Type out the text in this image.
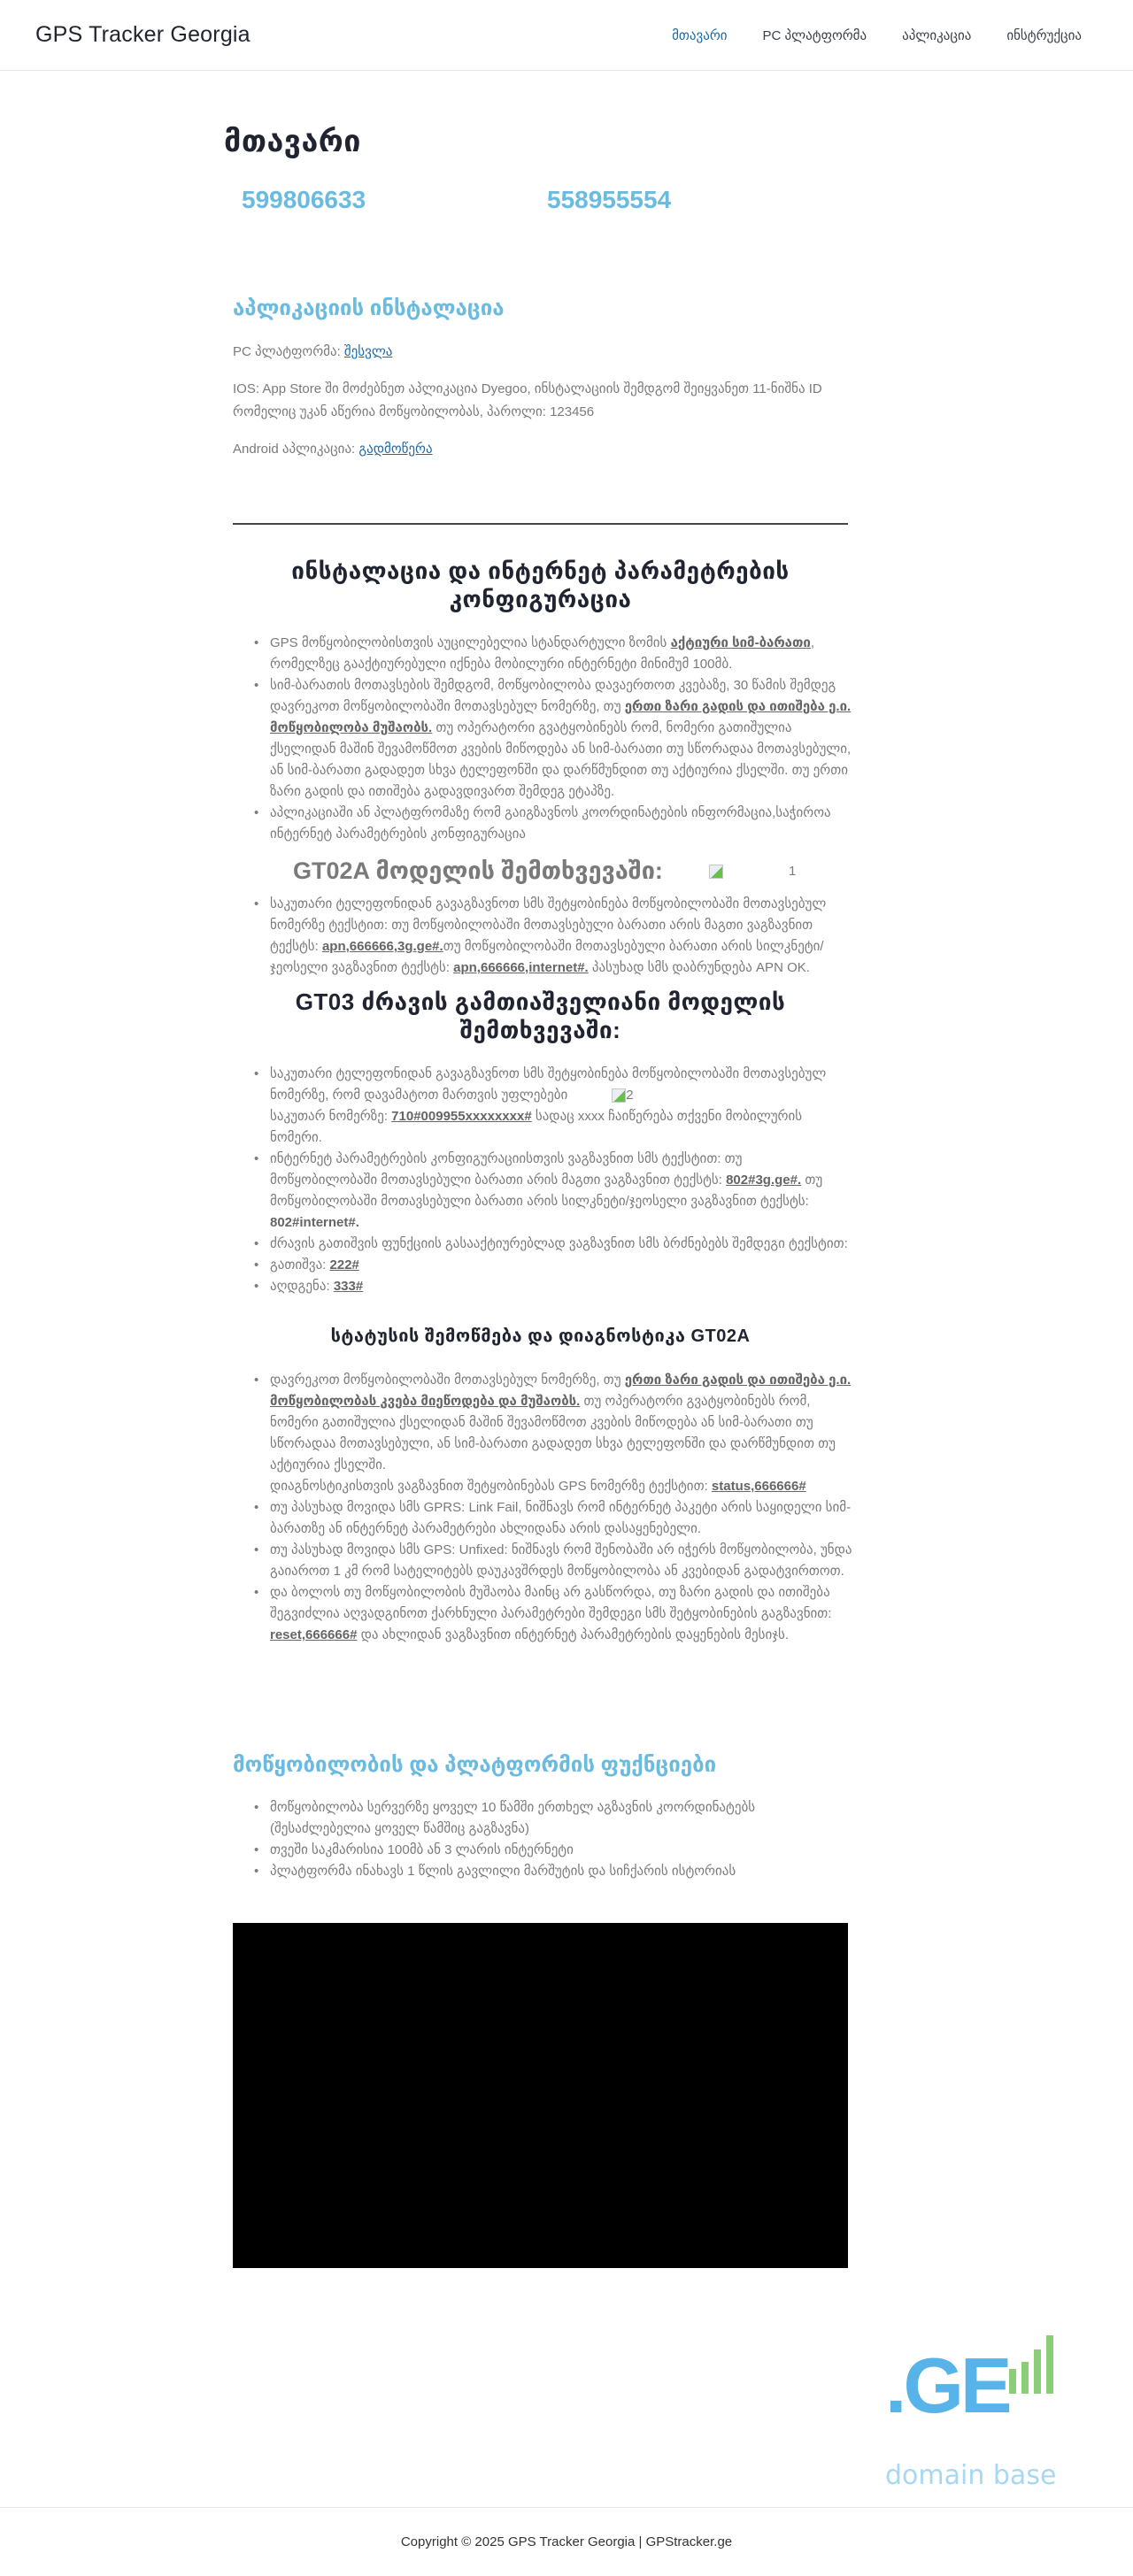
GPS Tracker Georgia	მთავარი	PC პლატფორმა	აპლიკაცია	ინსტრუქცია
მთავარი
599806633	558955554
აპლიკაციის ინსტალაცია

PC პლატფორმა: შესვლა

IOS: App Store ში მოძებნეთ აპლიკაცია Dyegoo, ინსტალაციის შემდგომ შეიყვანეთ 11-ნიშნა ID რომელიც უკან აწერია მოწყობილობას, პაროლი: 123456

Android აპლიკაცია: გადმოწერა

ინსტალაცია და ინტერნეტ პარამეტრების კონფიგურაცია
• GPS მოწყობილობისთვის აუცილებელია სტანდარტული ზომის აქტიური სიმ-ბარათი, რომელზეც გააქტიურებული იქნება მობილური ინტერნეტი მინიმუმ 100მბ.
• სიმ-ბარათის მოთავსების შემდგომ, მოწყობილობა დავაერთოთ კვებაზე, 30 წამის შემდეგ დავრეკოთ მოწყობილობაში მოთავსებულ ნომერზე, თუ ერთი ზარი გადის და ითიშება ე.ი. მოწყობილობა მუშაობს. თუ ოპერატორი გვატყობინებს რომ, ნომერი გათიშულია ქსელიდან მაშინ შევამოწმოთ კვების მიწოდება ან სიმ-ბარათი თუ სწორადაა მოთავსებული, ან სიმ-ბარათი გადადეთ სხვა ტელეფონში და დარწმუნდით თუ აქტიურია ქსელში. თუ ერთი ზარი გადის და ითიშება გადავდივართ შემდეგ ეტაპზე.
• აპლიკაციაში ან პლატფრომაზე რომ გაიგზავნოს კოორდინატების ინფორმაცია,საჭიროა ინტერნეტ პარამეტრების კონფიგურაცია
GT02A მოდელის შემთხვევაში:	1
• საკუთარი ტელეფონიდან გავაგზავნოთ სმს შეტყობინება მოწყობილობაში მოთავსებულ ნომერზე ტექსტით: თუ მოწყობილობაში მოთავსებული ბარათი არის მაგთი ვაგზავნით ტექსტს: apn,666666,3g.ge#.თუ მოწყობილობაში მოთავსებული ბარათი არის სილკნეტი/ჯეოსელი ვაგზავნით ტექსტს: apn,666666,internet#. პასუხად სმს დაბრუნდება APN OK.
GT03 ძრავის გამთიაშველიანი მოდელის შემთხვევაში:
• საკუთარი ტელეფონიდან გავაგზავნოთ სმს შეტყობინება მოწყობილობაში მოთავსებულ ნომერზე, რომ დავამატოთ მართვის უფლებები	2
საკუთარ ნომერზე: 710#009955xxxxxxxx# სადაც xxxx ჩაიწერება თქვენი მობილურის ნომერი.
• ინტერნეტ პარამეტრების კონფიგურაციისთვის ვაგზავნით სმს ტექსტით: თუ მოწყობილობაში მოთავსებული ბარათი არის მაგთი ვაგზავნით ტექსტს: 802#3g.ge#. თუ მოწყობილობაში მოთავსებული ბარათი არის სილკნეტი/ჯეოსელი ვაგზავნით ტექსტს: 802#internet#.
• ძრავის გათიშვის ფუნქციის გასააქტიურებლად ვაგზავნით სმს ბრძნებებს შემდეგი ტექსტით:
• გათიშვა: 222#
• აღდგენა: 333#
სტატუსის შემოწმება და დიაგნოსტიკა GT02A
• დავრეკოთ მოწყობილობაში მოთავსებულ ნომერზე, თუ ერთი ზარი გადის და ითიშება ე.ი. მოწყობილობას კვება მიეწოდება და მუშაობს. თუ ოპერატორი გვატყობინებს რომ, ნომერი გათიშულია ქსელიდან მაშინ შევამოწმოთ კვების მიწოდება ან სიმ-ბარათი თუ სწორადაა მოთავსებული, ან სიმ-ბარათი გადადეთ სხვა ტელეფონში და დარწმუნდით თუ აქტიურია ქსელში.
დიაგნოსტიკისთვის ვაგზავნით შეტყობინებას GPS ნომერზე ტექსტით: status,666666#
• თუ პასუხად მოვიდა სმს GPRS: Link Fail, ნიშნავს რომ ინტერნეტ პაკეტი არის საყიდელი სიმ-ბარათზე ან ინტერნეტ პარამეტრები ახლიდანა არის დასაყენებელი.
• თუ პასუხად მოვიდა სმს GPS: Unfixed: ნიშნავს რომ შენობაში არ იჭერს მოწყობილობა, უნდა გაიაროთ 1 კმ რომ სატელიტებს დაუკავშრდეს მოწყობილობა ან კვებიდან გადატვირთოთ.
• და ბოლოს თუ მოწყობილობის მუშაობა მაინც არ გასწორდა, თუ ზარი გადის და ითიშება შეგვიძლია აღვადგინოთ ქარხნული პარამეტრები შემდეგი სმს შეტყობინების გაგზავნით: reset,666666# და ახლიდან ვაგზავნით ინტერნეტ პარამეტრების დაყენების მესიჯს.
მოწყობილობის და პლატფორმის ფუქნციები
• მოწყობილობა სერვერზე ყოველ 10 წამში ერთხელ აგზავნის კოორდინატებს (შესაძლებელია ყოველ წამშიც გაგზავნა)
• თვეში საკმარისია 100მბ ან 3 ლარის ინტერნეტი
• პლატფორმა ინახავს 1 წლის გავლილი მარშუტის და სიჩქარის ისტორიას
.GE
domain base
Copyright © 2025 GPS Tracker Georgia | GPStracker.ge
